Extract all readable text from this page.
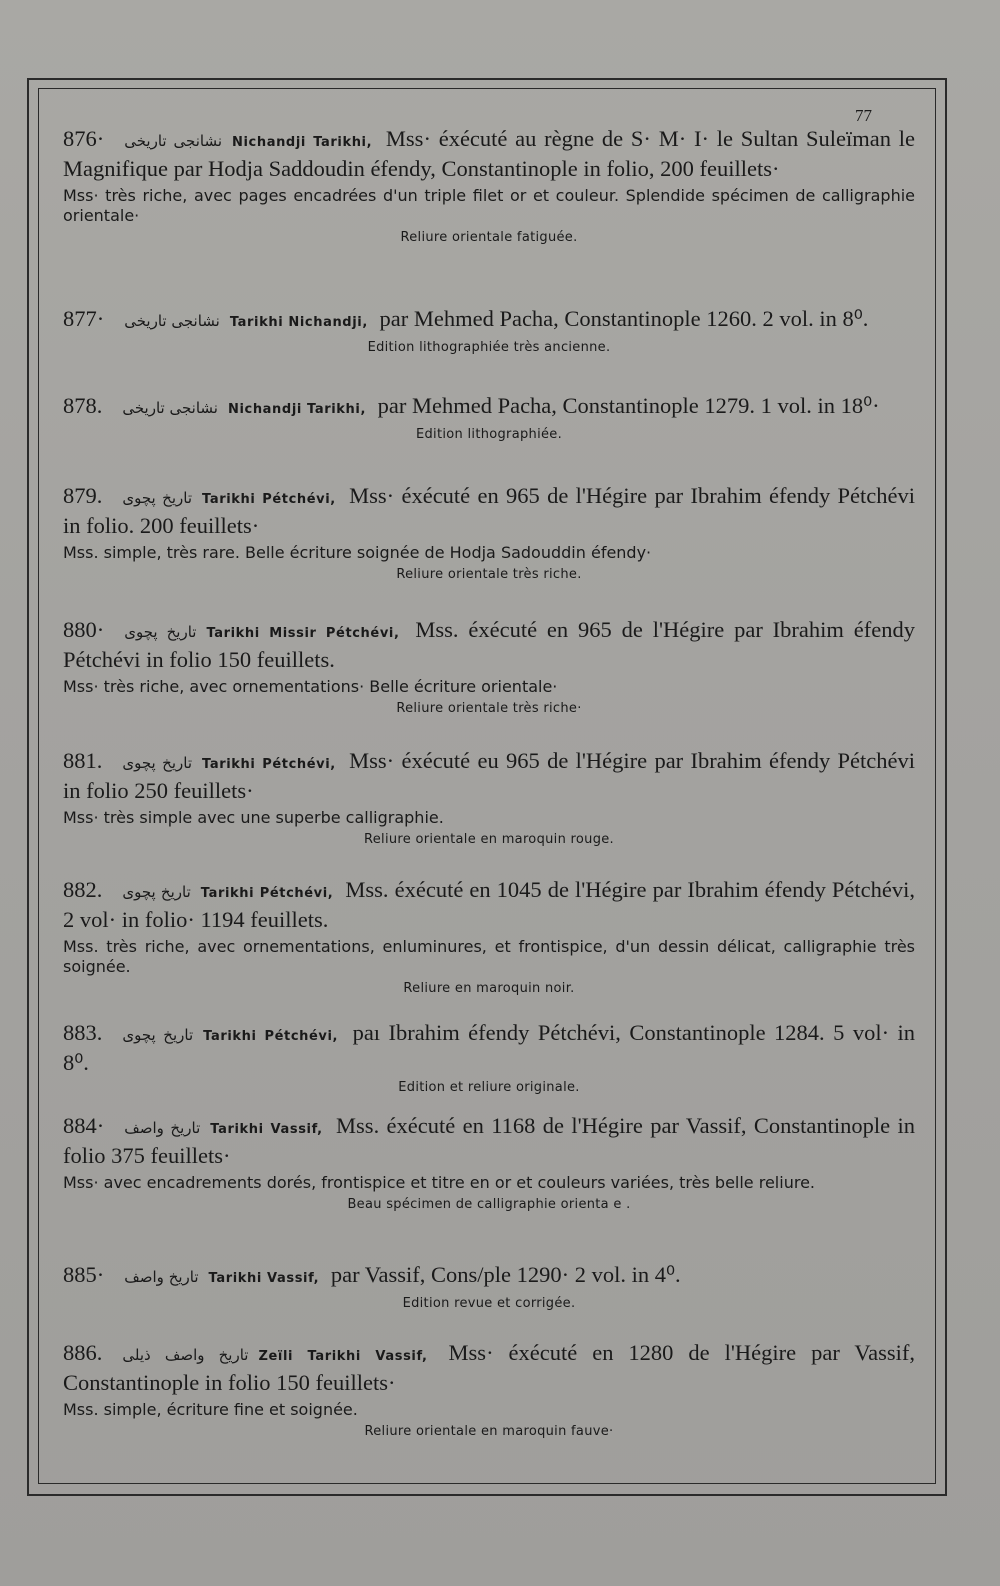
77
876· نشانجی تاریخی Nichandji Tarikhi, Mss· éxécuté au règne de S· M· I· le Sultan Suleïman le Magnifique par Hodja Saddoudin éfendy, Constantinople in folio, 200 feuillets·
Mss· très riche, avec pages encadrées d'un triple filet or et couleur. Splendide spécimen de calligraphie orientale·
Reliure orientale fatiguée.
877· نشانجی تاریخی Tarikhi Nichandji, par Mehmed Pacha, Constantinople 1260. 2 vol. in 8⁰.
Edition lithographiée très ancienne.
878. نشانجی تاریخی Nichandji Tarikhi, par Mehmed Pacha, Constantinople 1279. 1 vol. in 18⁰·
Edition lithographiée.
879. تاریخ پچوی Tarikhi Pétchévi, Mss· éxécuté en 965 de l'Hégire par Ibrahim éfendy Pétchévi in folio. 200 feuillets·
Mss. simple, très rare. Belle écriture soignée de Hodja Sadouddin éfendy·
Reliure orientale très riche.
880· تاریخ پچوی Tarikhi Missir Pétchévi, Mss. éxécuté en 965 de l'Hégire par Ibrahim éfendy Pétchévi in folio 150 feuillets.
Mss· très riche, avec ornementations· Belle écriture orientale·
Reliure orientale très riche·
881. تاریخ پچوی Tarikhi Pétchévi, Mss· éxécuté eu 965 de l'Hégire par Ibrahim éfendy Pétchévi in folio 250 feuillets·
Mss· très simple avec une superbe calligraphie.
Reliure orientale en maroquin rouge.
882. تاریخ پچوی Tarikhi Pétchévi, Mss. éxécuté en 1045 de l'Hégire par Ibrahim éfendy Pétchévi, 2 vol· in folio· 1194 feuillets.
Mss. très riche, avec ornementations, enluminures, et frontispice, d'un dessin délicat, calligraphie très soignée.
Reliure en maroquin noir.
883. تاریخ پچوی Tarikhi Pétchévi, paı Ibrahim éfendy Pétchévi, Constantinople 1284. 5 vol· in 8⁰.
Edition et reliure originale.
884· تاریخ واصف Tarikhi Vassif, Mss. éxécuté en 1168 de l'Hégire par Vassif, Constantinople in folio 375 feuillets·
Mss· avec encadrements dorés, frontispice et titre en or et couleurs variées, très belle reliure.
Beau spécimen de calligraphie orienta e .
885· تاریخ واصف Tarikhi Vassif, par Vassif, Cons/ple 1290· 2 vol. in 4⁰.
Edition revue et corrigée.
886. تاریخ واصف ذیلی Zeïli Tarikhi Vassif, Mss· éxécuté en 1280 de l'Hégire par Vassif, Constantinople in folio 150 feuillets·
Mss. simple, écriture fine et soignée.
Reliure orientale en maroquin fauve·
